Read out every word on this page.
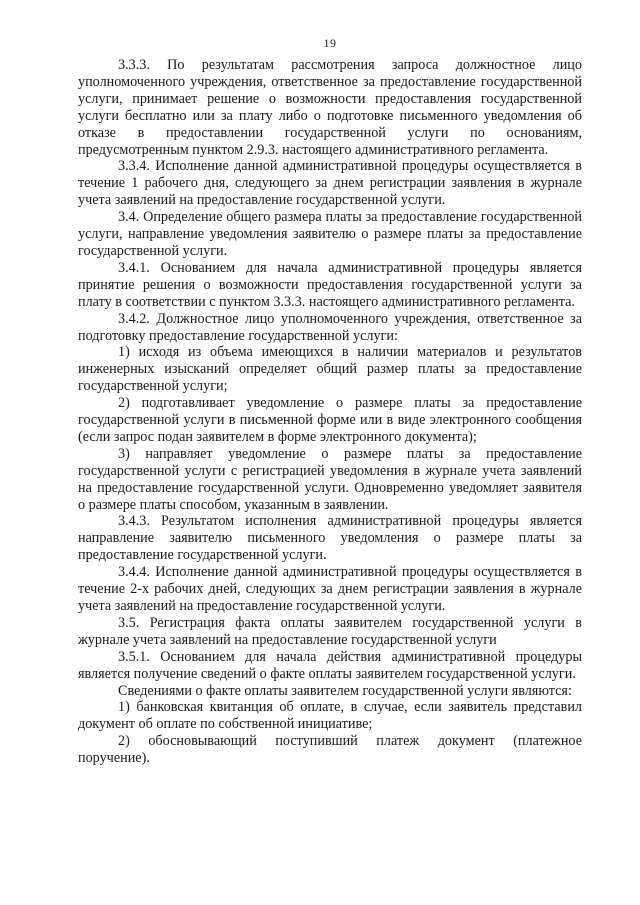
19

3.3.3. По результатам рассмотрения запроса должностное лицо уполномоченного учреждения, ответственное за предоставление государственной услуги, принимает решение о возможности предоставления государственной услуги бесплатно или за плату либо о подготовке письменного уведомления об отказе в предоставлении государственной услуги по основаниям, предусмотренным пунктом 2.9.3. настоящего административного регламента.

3.3.4. Исполнение данной административной процедуры осуществляется в течение 1 рабочего дня, следующего за днем регистрации заявления в журнале учета заявлений на предоставление государственной услуги.

3.4. Определение общего размера платы за предоставление государственной услуги, направление уведомления заявителю о размере платы за предоставление государственной услуги.

3.4.1. Основанием для начала административной процедуры является принятие решения о возможности предоставления государственной услуги за плату в соответствии с пунктом 3.3.3. настоящего административного регламента.

3.4.2. Должностное лицо уполномоченного учреждения, ответственное за подготовку предоставление государственной услуги:

1) исходя из объема имеющихся в наличии материалов и результатов инженерных изысканий определяет общий размер платы за предоставление государственной услуги;

2) подготавливает уведомление о размере платы за предоставление государственной услуги в письменной форме или в виде электронного сообщения (если запрос подан заявителем в форме электронного документа);

3) направляет уведомление о размере платы за предоставление государственной услуги с регистрацией уведомления в журнале учета заявлений на предоставление государственной услуги. Одновременно уведомляет заявителя о размере платы способом, указанным в заявлении.

3.4.3. Результатом исполнения административной процедуры является направление заявителю письменного уведомления о размере платы за предоставление государственной услуги.

3.4.4. Исполнение данной административной процедуры осуществляется в течение 2-х рабочих дней, следующих за днем регистрации заявления в журнале учета заявлений на предоставление государственной услуги.

3.5. Регистрация факта оплаты заявителем государственной услуги в журнале учета заявлений на предоставление государственной услуги

3.5.1. Основанием для начала действия административной процедуры является получение сведений о факте оплаты заявителем государственной услуги.

Сведениями о факте оплаты заявителем государственной услуги являются:

1) банковская квитанция об оплате, в случае, если заявитель представил документ об оплате по собственной инициативе;

2) обосновывающий поступивший платеж документ (платежное поручение).
